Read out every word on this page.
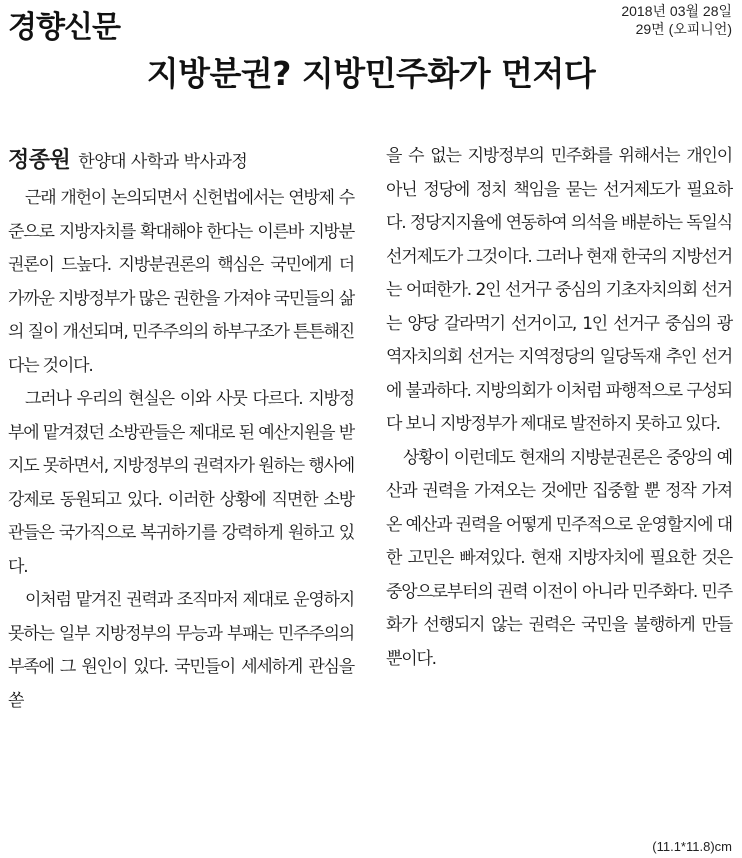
경향신문	2018년 03월 28일
29면 (오피니언)
지방분권? 지방민주화가 먼저다
정종원 한양대 사학과 박사과정

근래 개헌이 논의되면서 신헌법에서는 연방제 수준으로 지방자치를 확대해야 한다는 이른바 지방분권론이 드높다. 지방분권론의 핵심은 국민에게 더 가까운 지방정부가 많은 권한을 가져야 국민들의 삶의 질이 개선되며, 민주주의의 하부구조가 튼튼해진다는 것이다.

그러나 우리의 현실은 이와 사뭇 다르다. 지방정부에 맡겨졌던 소방관들은 제대로 된 예산지원을 받지도 못하면서, 지방정부의 권력자가 원하는 행사에 강제로 동원되고 있다. 이러한 상황에 직면한 소방관들은 국가직으로 복귀하기를 강력하게 원하고 있다.

이처럼 맡겨진 권력과 조직마저 제대로 운영하지 못하는 일부 지방정부의 무능과 부패는 민주주의의 부족에 그 원인이 있다. 국민들이 세세하게 관심을 쏟

을 수 없는 지방정부의 민주화를 위해서는 개인이 아닌 정당에 정치 책임을 묻는 선거제도가 필요하다. 정당지지율에 연동하여 의석을 배분하는 독일식 선거제도가 그것이다. 그러나 현재 한국의 지방선거는 어떠한가. 2인 선거구 중심의 기초자치의회 선거는 양당 갈라먹기 선거이고, 1인 선거구 중심의 광역자치의회 선거는 지역정당의 일당독재 추인 선거에 불과하다. 지방의회가 이처럼 파행적으로 구성되다 보니 지방정부가 제대로 발전하지 못하고 있다.

상황이 이런데도 현재의 지방분권론은 중앙의 예산과 권력을 가져오는 것에만 집중할 뿐 정작 가져온 예산과 권력을 어떻게 민주적으로 운영할지에 대한 고민은 빠져있다. 현재 지방자치에 필요한 것은 중앙으로부터의 권력 이전이 아니라 민주화다. 민주화가 선행되지 않는 권력은 국민을 불행하게 만들 뿐이다.

(11.1*11.8)cm
